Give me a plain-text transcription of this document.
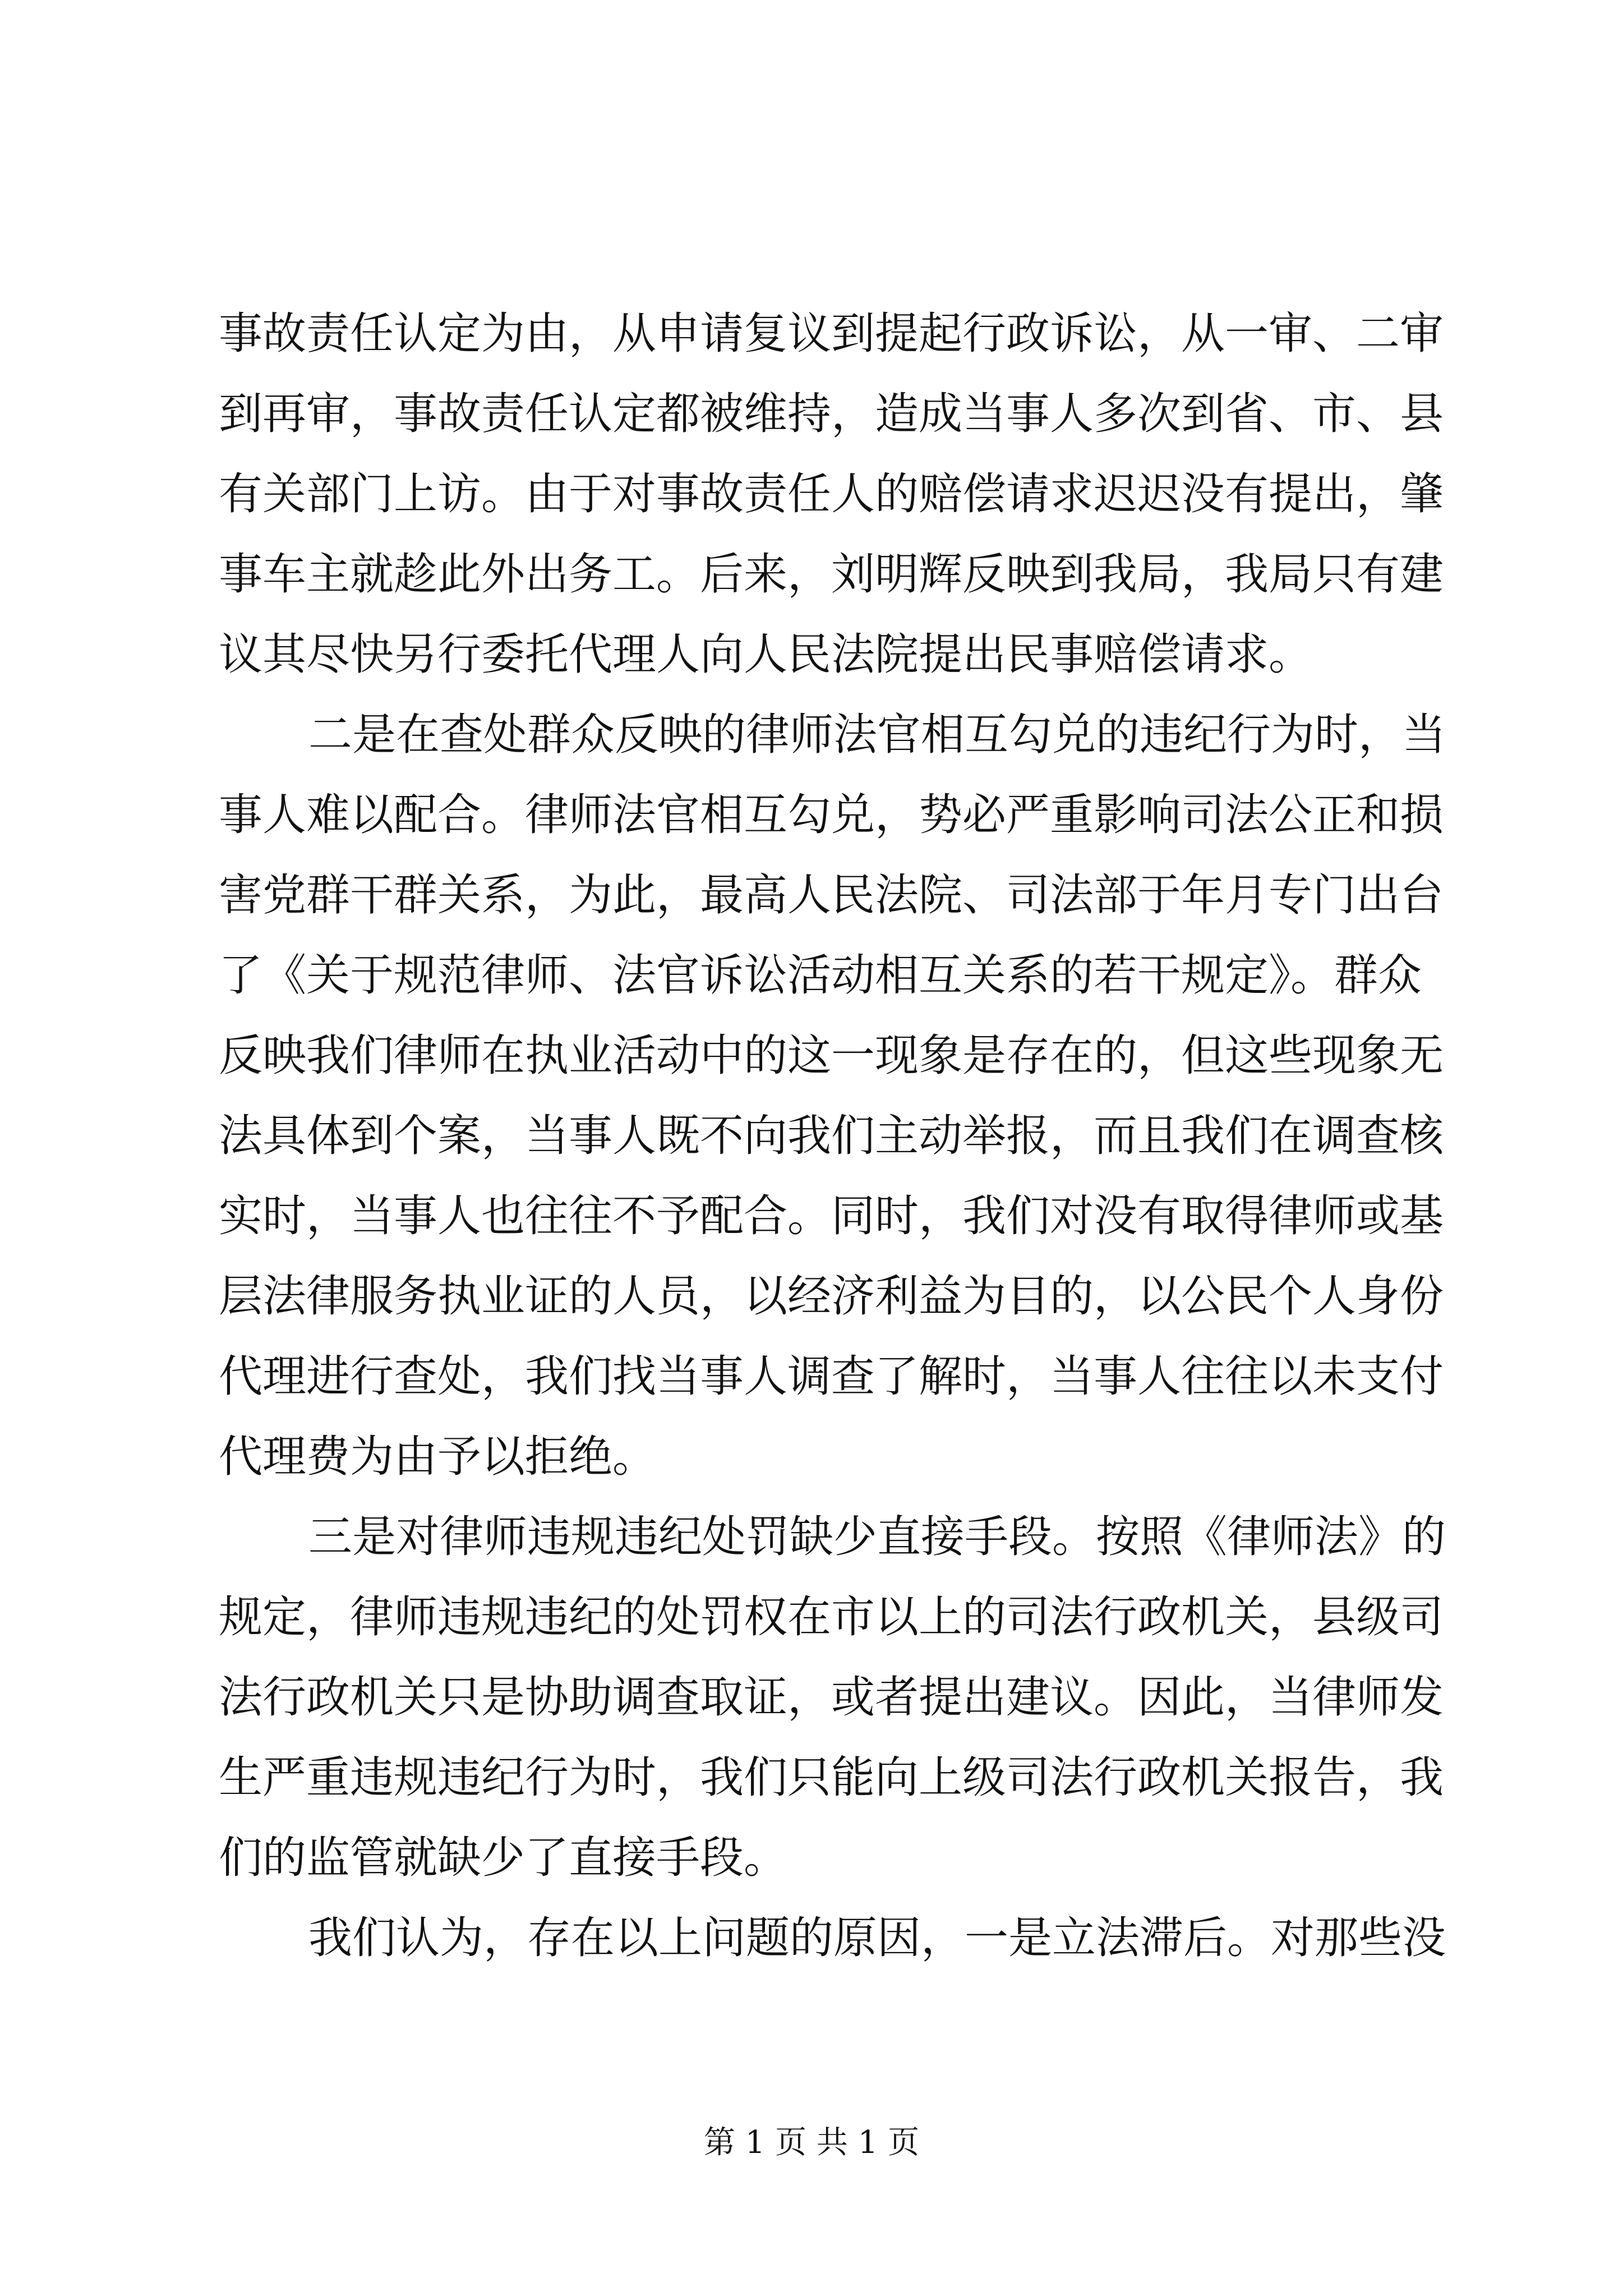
事故责任认定为由，从申请复议到提起行政诉讼，从一审、二审
到再审，事故责任认定都被维持，造成当事人多次到省、市、县
有关部门上访。由于对事故责任人的赔偿请求迟迟没有提出，肇
事车主就趁此外出务工。后来，刘明辉反映到我局，我局只有建
议其尽快另行委托代理人向人民法院提出民事赔偿请求。
二是在查处群众反映的律师法官相互勾兑的违纪行为时，当
事人难以配合。律师法官相互勾兑，势必严重影响司法公正和损
害党群干群关系，为此，最高人民法院、司法部于年月专门出台
了《关于规范律师、法官诉讼活动相互关系的若干规定》。群众
反映我们律师在执业活动中的这一现象是存在的，但这些现象无
法具体到个案，当事人既不向我们主动举报，而且我们在调查核
实时，当事人也往往不予配合。同时，我们对没有取得律师或基
层法律服务执业证的人员，以经济利益为目的，以公民个人身份
代理进行查处，我们找当事人调查了解时，当事人往往以未支付
代理费为由予以拒绝。
三是对律师违规违纪处罚缺少直接手段。按照《律师法》的
规定，律师违规违纪的处罚权在市以上的司法行政机关，县级司
法行政机关只是协助调查取证，或者提出建议。因此，当律师发
生严重违规违纪行为时，我们只能向上级司法行政机关报告，我
们的监管就缺少了直接手段。
我们认为，存在以上问题的原因，一是立法滞后。对那些没
第 1 页 共 1 页
